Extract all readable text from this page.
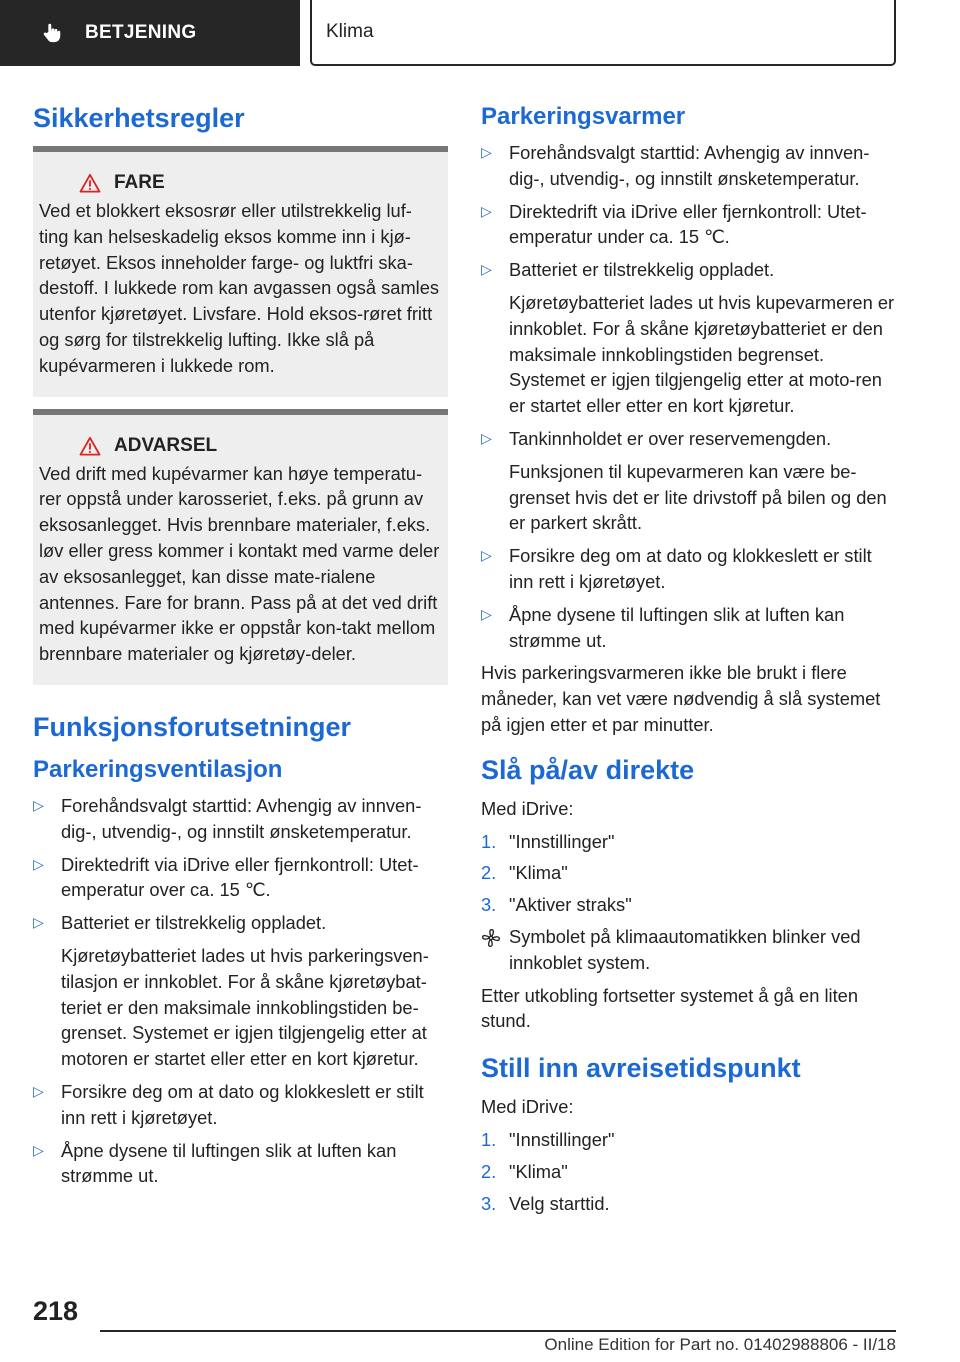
BETJENING	Klima
Sikkerhetsregler
FARE

Ved et blokkert eksosrør eller utilstrekkelig luf-ting kan helseskadelig eksos komme inn i kjø-retøyet. Eksos inneholder farge- og luktfri ska-destoff. I lukkede rom kan avgassen også samles utenfor kjøretøyet. Livsfare. Hold eksos-røret fritt og sørg for tilstrekkelig lufting. Ikke slå på kupévarmeren i lukkede rom.

ADVARSEL

Ved drift med kupévarmer kan høye temperatu-rer oppstå under karosseriet, f.eks. på grunn av eksosanlegget. Hvis brennbare materialer, f.eks. løv eller gress kommer i kontakt med varme deler av eksosanlegget, kan disse mate-rialene antennes. Fare for brann. Pass på at det ved drift med kupévarmer ikke er oppstår kon-takt mellom brennbare materialer og kjøretøy-deler.

Funksjonsforutsetninger
Parkeringsventilasjon
▷ Forehåndsvalgt starttid: Avhengig av innven-dig-, utvendig-, og innstilt ønsketemperatur.

▷ Direktedrift via iDrive eller fjernkontroll: Utet-emperatur over ca. 15 ℃.

▷ Batteriet er tilstrekkelig oppladet.

Kjøretøybatteriet lades ut hvis parkeringsven-tilasjon er innkoblet. For å skåne kjøretøybat-teriet er den maksimale innkoblingstiden be-grenset. Systemet er igjen tilgjengelig etter at motoren er startet eller etter en kort kjøretur.

▷ Forsikre deg om at dato og klokkeslett er stilt inn rett i kjøretøyet.

▷ Åpne dysene til luftingen slik at luften kan strømme ut.

Parkeringsvarmer
▷ Forehåndsvalgt starttid: Avhengig av innven-dig-, utvendig-, og innstilt ønsketemperatur.

▷ Direktedrift via iDrive eller fjernkontroll: Utet-emperatur under ca. 15 ℃.

▷ Batteriet er tilstrekkelig oppladet.

Kjøretøybatteriet lades ut hvis kupevarmeren er innkoblet. For å skåne kjøretøybatteriet er den maksimale innkoblingstiden begrenset. Systemet er igjen tilgjengelig etter at moto-ren er startet eller etter en kort kjøretur.

▷ Tankinnholdet er over reservemengden.

Funksjonen til kupevarmeren kan være be-grenset hvis det er lite drivstoff på bilen og den er parkert skrått.

▷ Forsikre deg om at dato og klokkeslett er stilt inn rett i kjøretøyet.

▷ Åpne dysene til luftingen slik at luften kan strømme ut.

Hvis parkeringsvarmeren ikke ble brukt i flere måneder, kan vet være nødvendig å slå systemet på igjen etter et par minutter.

Slå på/av direkte

Med iDrive:

1. "Innstillinger"
2. "Klima"
3. "Aktiver straks"

Symbolet på klimaautomatikken blinker ved innkoblet system.

Etter utkobling fortsetter systemet å gå en liten stund.

Still inn avreisetidspunkt

Med iDrive:

1. "Innstillinger"
2. "Klima"
3. Velg starttid.
218
Online Edition for Part no. 01402988806 - II/18
